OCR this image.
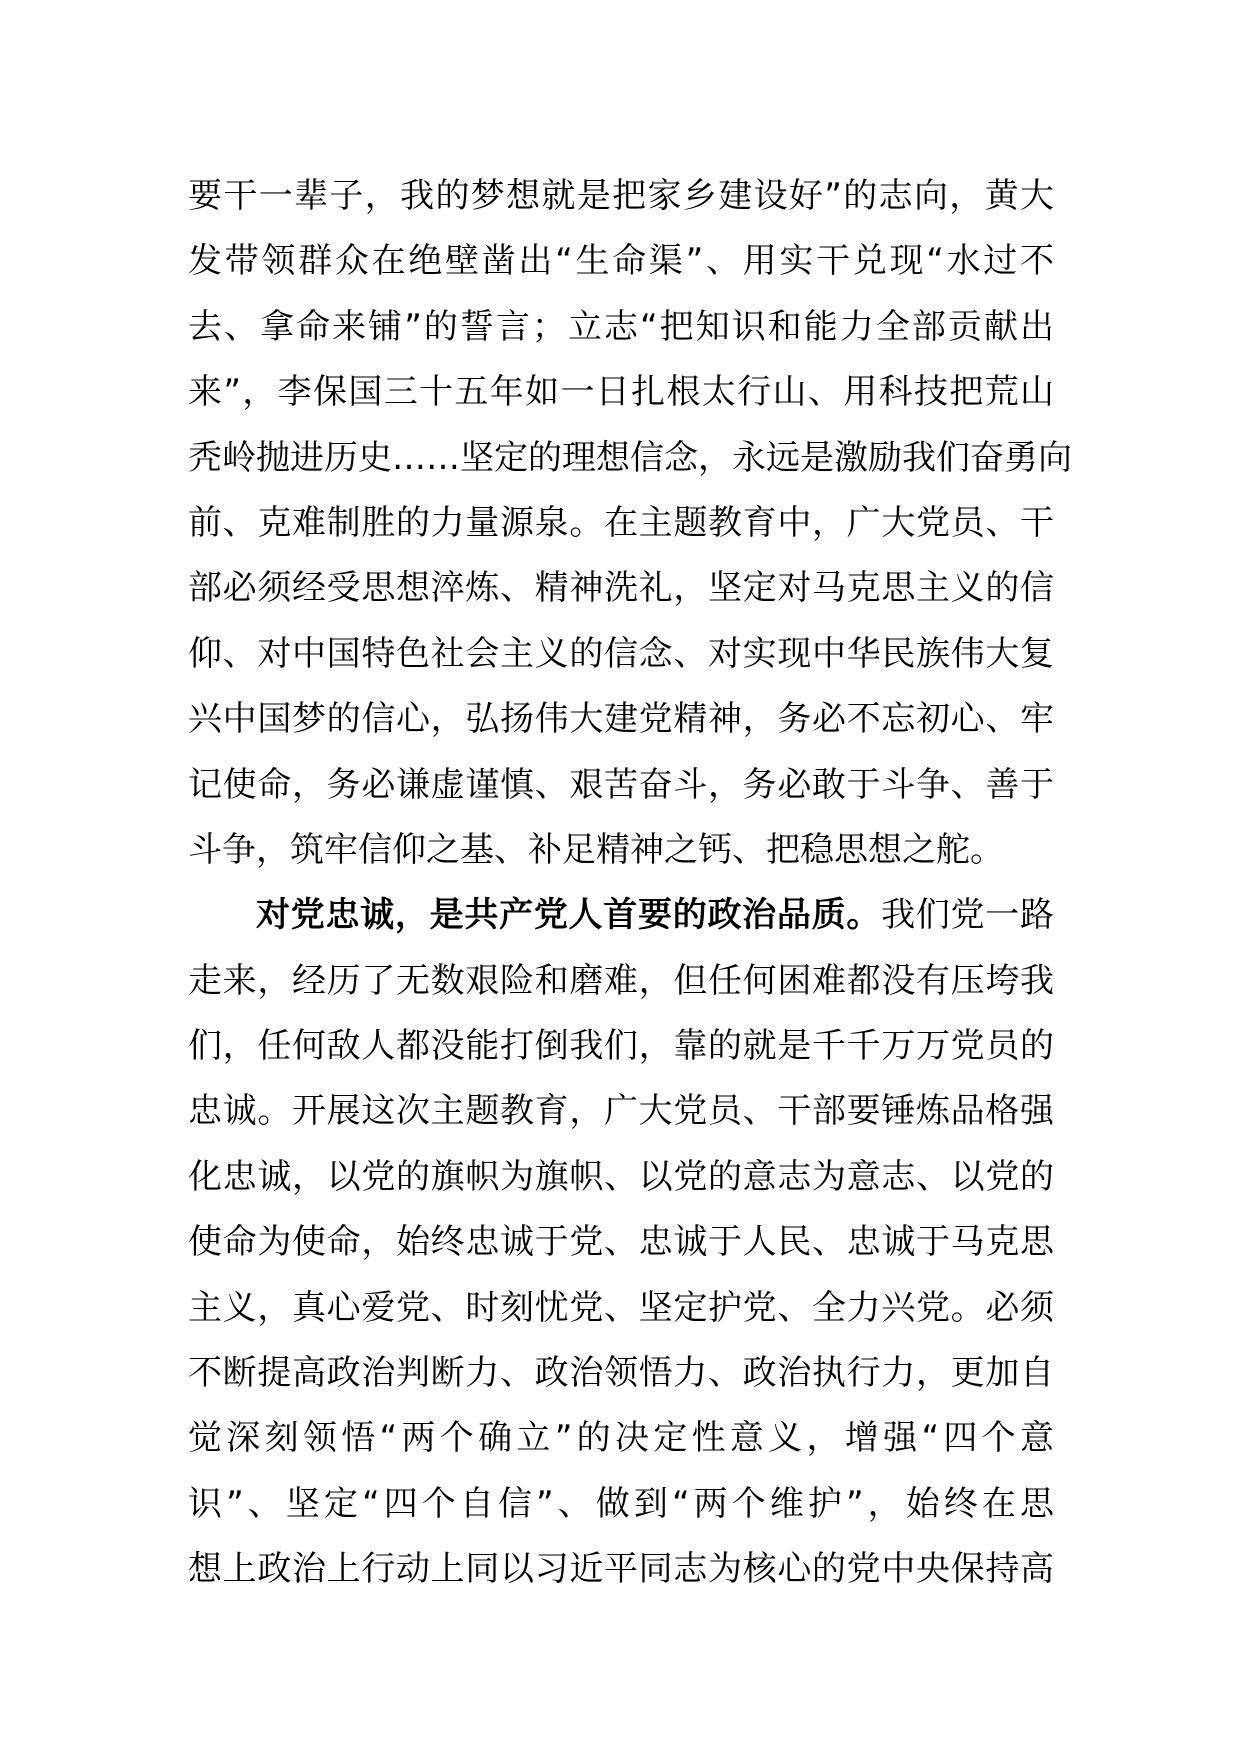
要干一辈子，我的梦想就是把家乡建设好”的志向，黄大
发带领群众在绝壁凿出“生命渠”、用实干兑现“水过不
去、拿命来铺”的誓言；立志“把知识和能力全部贡献出
来”，李保国三十五年如一日扎根太行山、用科技把荒山
秃岭抛进历史……坚定的理想信念，永远是激励我们奋勇向
前、克难制胜的力量源泉。在主题教育中，广大党员、干
部必须经受思想淬炼、精神洗礼，坚定对马克思主义的信
仰、对中国特色社会主义的信念、对实现中华民族伟大复
兴中国梦的信心，弘扬伟大建党精神，务必不忘初心、牢
记使命，务必谦虚谨慎、艰苦奋斗，务必敢于斗争、善于
斗争，筑牢信仰之基、补足精神之钙、把稳思想之舵。
对党忠诚，是共产党人首要的政治品质。我们党一路
走来，经历了无数艰险和磨难，但任何困难都没有压垮我
们，任何敌人都没能打倒我们，靠的就是千千万万党员的
忠诚。开展这次主题教育，广大党员、干部要锤炼品格强
化忠诚，以党的旗帜为旗帜、以党的意志为意志、以党的
使命为使命，始终忠诚于党、忠诚于人民、忠诚于马克思
主义，真心爱党、时刻忧党、坚定护党、全力兴党。必须
不断提高政治判断力、政治领悟力、政治执行力，更加自
觉深刻领悟“两个确立”的决定性意义，增强“四个意
识”、坚定“四个自信”、做到“两个维护”，始终在思
想上政治上行动上同以习近平同志为核心的党中央保持高
